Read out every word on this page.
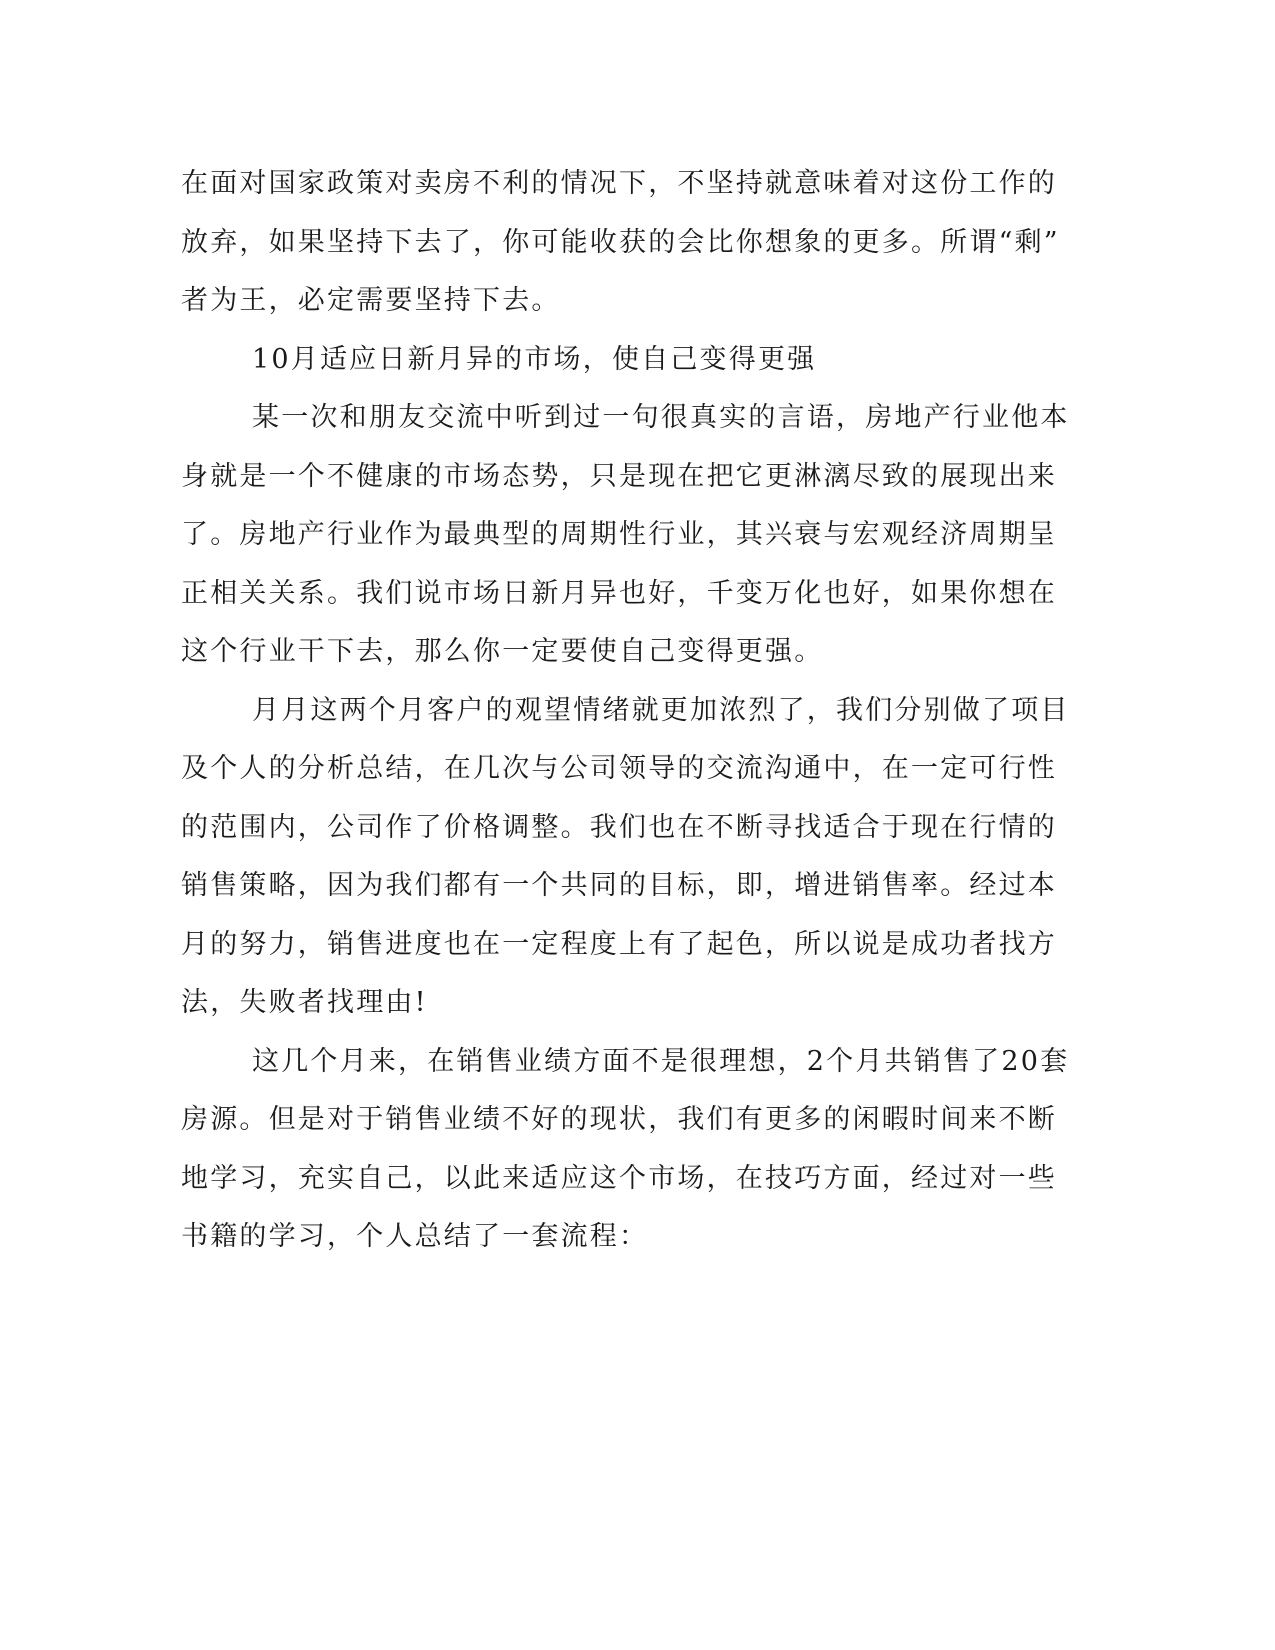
在面对国家政策对卖房不利的情况下，不坚持就意味着对这份工作的
放弃，如果坚持下去了，你可能收获的会比你想象的更多。所谓“剩”
者为王，必定需要坚持下去。
10月适应日新月异的市场，使自己变得更强
某一次和朋友交流中听到过一句很真实的言语，房地产行业他本
身就是一个不健康的市场态势，只是现在把它更淋漓尽致的展现出来
了。房地产行业作为最典型的周期性行业，其兴衰与宏观经济周期呈
正相关关系。我们说市场日新月异也好，千变万化也好，如果你想在
这个行业干下去，那么你一定要使自己变得更强。
月月这两个月客户的观望情绪就更加浓烈了，我们分别做了项目
及个人的分析总结，在几次与公司领导的交流沟通中，在一定可行性
的范围内，公司作了价格调整。我们也在不断寻找适合于现在行情的
销售策略，因为我们都有一个共同的目标，即，增进销售率。经过本
月的努力，销售进度也在一定程度上有了起色，所以说是成功者找方
法，失败者找理由!
这几个月来，在销售业绩方面不是很理想，2个月共销售了20套
房源。但是对于销售业绩不好的现状，我们有更多的闲暇时间来不断
地学习，充实自己，以此来适应这个市场，在技巧方面，经过对一些
书籍的学习，个人总结了一套流程：
